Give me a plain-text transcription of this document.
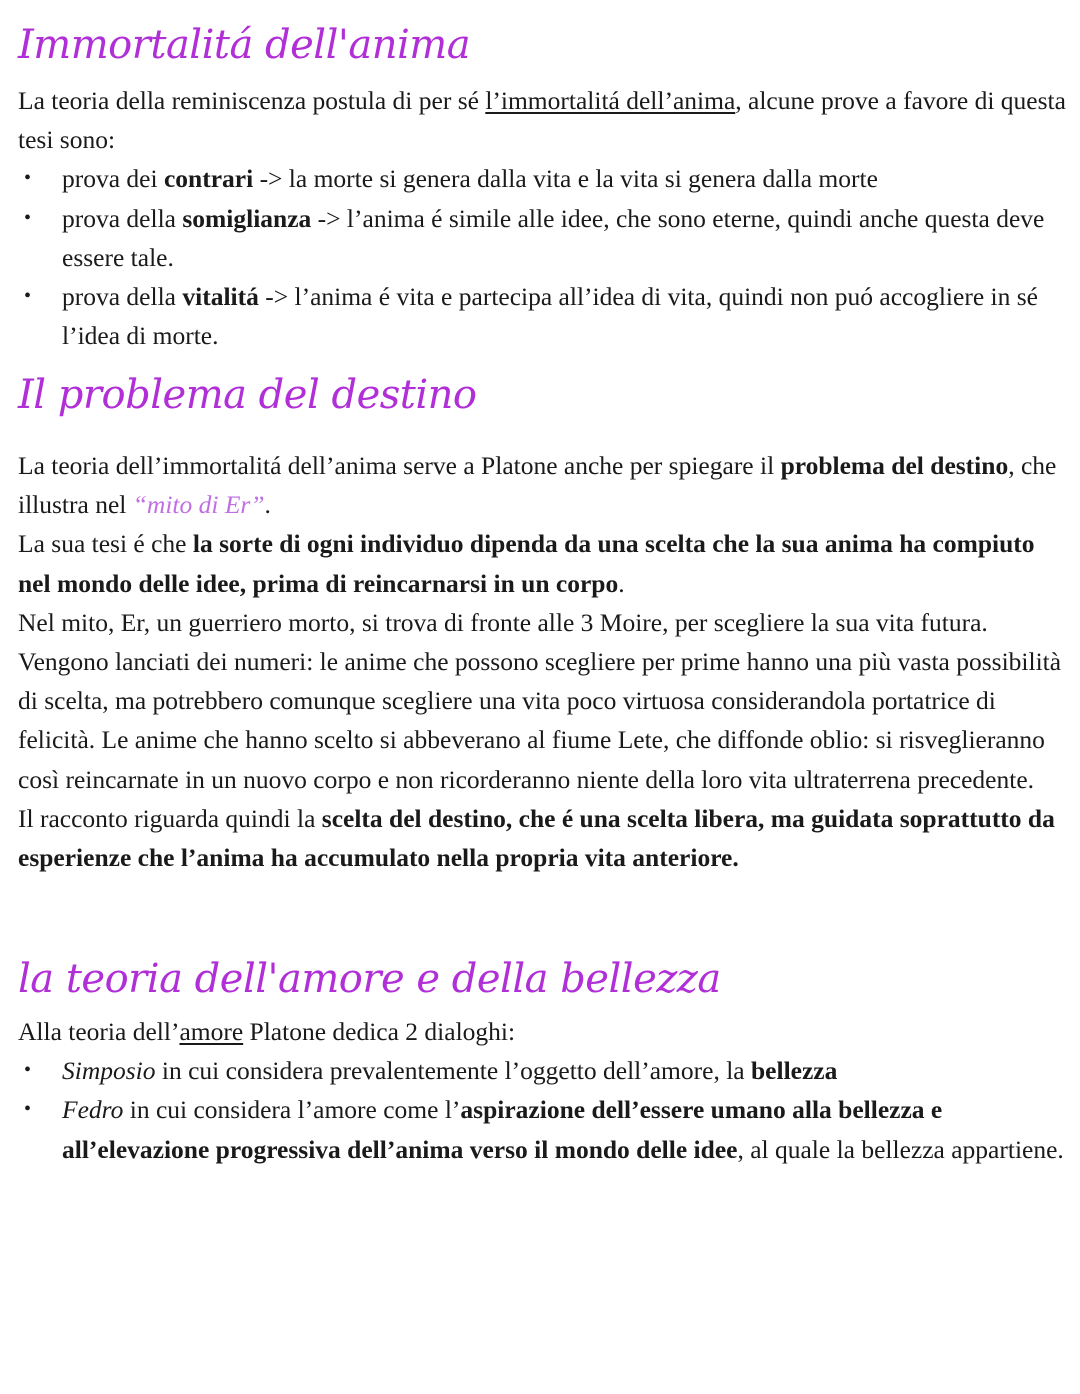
Immortalitá dell'anima

La teoria della reminiscenza postula di per sé l’immortalitá dell’anima, alcune prove a favore di questa tesi sono:

• prova dei contrari -> la morte si genera dalla vita e la vita si genera dalla morte
• prova della somiglianza -> l’anima é simile alle idee, che sono eterne, quindi anche questa deve essere tale.
• prova della vitalitá -> l’anima é vita e partecipa all’idea di vita, quindi non puó accogliere in sé l’idea di morte.
Il problema del destino

La teoria dell’immortalitá dell’anima serve a Platone anche per spiegare il problema del destino, che illustra nel “mito di Er”.

La sua tesi é che la sorte di ogni individuo dipenda da una scelta che la sua anima ha compiuto nel mondo delle idee, prima di reincarnarsi in un corpo.

Nel mito, Er, un guerriero morto, si trova di fronte alle 3 Moire, per scegliere la sua vita futura. Vengono lanciati dei numeri: le anime che possono scegliere per prime hanno una più vasta possibilità di scelta, ma potrebbero comunque scegliere una vita poco virtuosa considerandola portatrice di felicità. Le anime che hanno scelto si abbeverano al fiume Lete, che diffonde oblio: si risveglieranno così reincarnate in un nuovo corpo e non ricorderanno niente della loro vita ultraterrena precedente.

Il racconto riguarda quindi la scelta del destino, che é una scelta libera, ma guidata soprattutto da esperienze che l’anima ha accumulato nella propria vita anteriore.

la teoria dell'amore e della bellezza

Alla teoria dell’amore Platone dedica 2 dialoghi:

• Simposio in cui considera prevalentemente l’oggetto dell’amore, la bellezza
• Fedro in cui considera l’amore come l’aspirazione dell’essere umano alla bellezza e all’elevazione progressiva dell’anima verso il mondo delle idee, al quale la bellezza appartiene.
